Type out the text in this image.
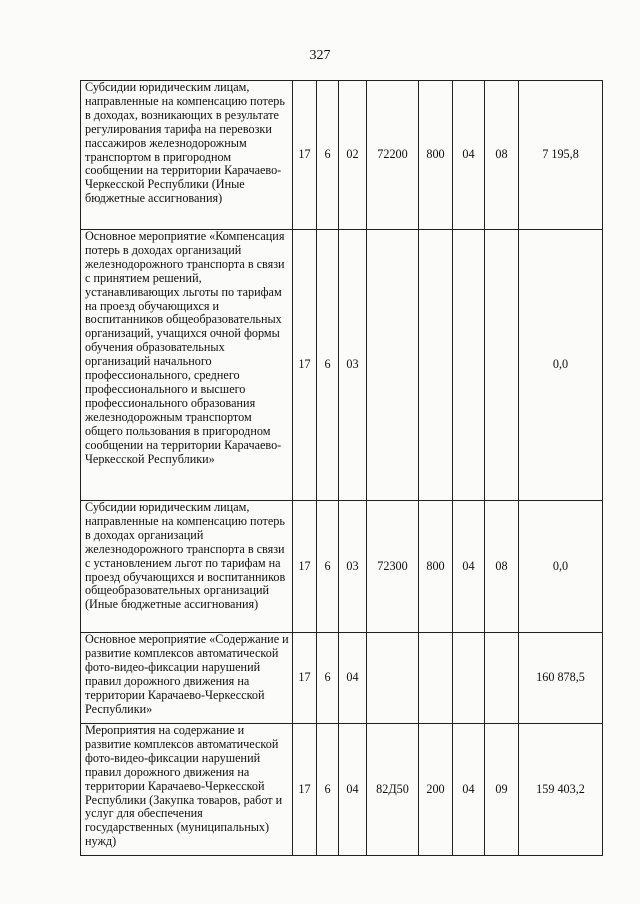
327
Субсидии юридическим лицам, направленные на компенсацию потерь в доходах, возникающих в результате регулирования тарифа на перевозки пассажиров железнодорожным транспортом в пригородном сообщении на территории Карачаево-Черкесской Республики (Иные бюджетные ассигнования)	17	6	02	72200	800	04	08	7 195,8
Основное мероприятие «Компенсация потерь в доходах организаций железнодорожного транспорта в связи с принятием решений, устанавливающих льготы по тарифам на проезд обучающихся и воспитанников общеобразовательных организаций, учащихся очной формы обучения образовательных организаций начального профессионального, среднего профессионального и высшего профессионального образования железнодорожным транспортом общего пользования в пригородном сообщении на территории Карачаево-Черкесской Республики»	17	6	03					0,0
Субсидии юридическим лицам, направленные на компенсацию потерь в доходах организаций железнодорожного транспорта в связи с установлением льгот по тарифам на проезд обучающихся и воспитанников общеобразовательных организаций (Иные бюджетные ассигнования)	17	6	03	72300	800	04	08	0,0
Основное мероприятие «Содержание и развитие комплексов автоматической фото-видео-фиксации нарушений правил дорожного движения на территории Карачаево-Черкесской Республики»	17	6	04					160 878,5
Мероприятия на содержание и развитие комплексов автоматической фото-видео-фиксации нарушений правил дорожного движения на территории Карачаево-Черкесской Республики (Закупка товаров, работ и услуг для обеспечения государственных (муниципальных) нужд)	17	6	04	82Д50	200	04	09	159 403,2
